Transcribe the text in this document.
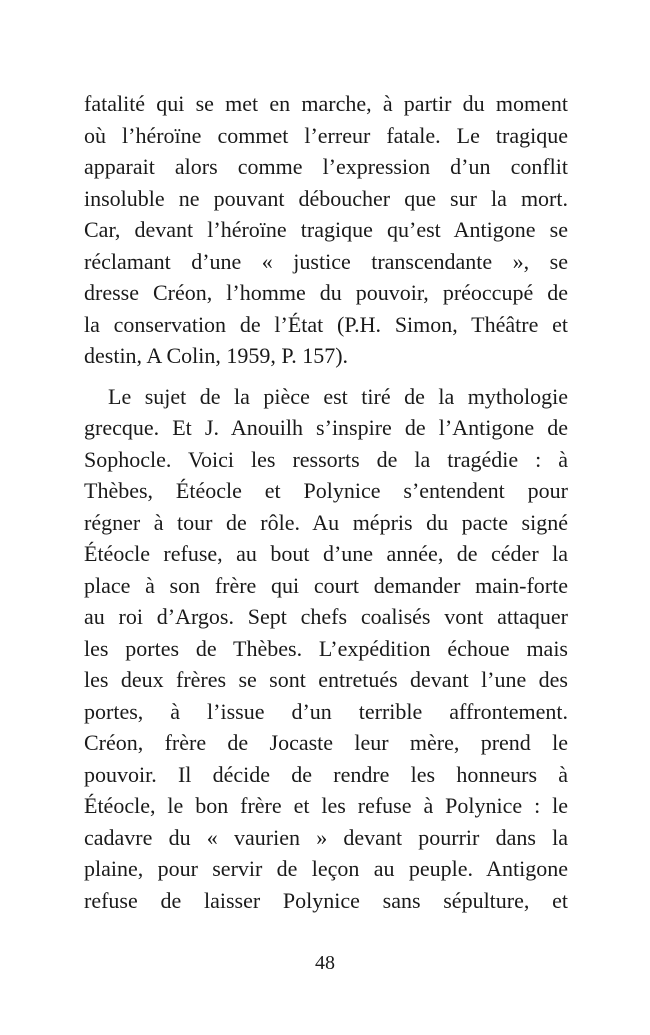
fatalité qui se met en marche, à partir du moment
où l’héroïne commet l’erreur fatale. Le tragique
apparait alors comme l’expression d’un conflit
insoluble ne pouvant déboucher que sur la mort.
Car, devant l’héroïne tragique qu’est Antigone se
réclamant d’une « justice transcendante », se
dresse Créon, l’homme du pouvoir, préoccupé de
la conservation de l’État (P.H. Simon, Théâtre et
destin, A Colin, 1959, P. 157).
Le sujet de la pièce est tiré de la mythologie
grecque. Et J. Anouilh s’inspire de l’Antigone de
Sophocle. Voici les ressorts de la tragédie : à
Thèbes, Étéocle et Polynice s’entendent pour
régner à tour de rôle. Au mépris du pacte signé
Étéocle refuse, au bout d’une année, de céder la
place à son frère qui court demander main-forte
au roi d’Argos. Sept chefs coalisés vont attaquer
les portes de Thèbes. L’expédition échoue mais
les deux frères se sont entretués devant l’une des
portes, à l’issue d’un terrible affrontement.
Créon, frère de Jocaste leur mère, prend le
pouvoir. Il décide de rendre les honneurs à
Étéocle, le bon frère et les refuse à Polynice : le
cadavre du « vaurien » devant pourrir dans la
plaine, pour servir de leçon au peuple. Antigone
refuse de laisser Polynice sans sépulture, et
48
